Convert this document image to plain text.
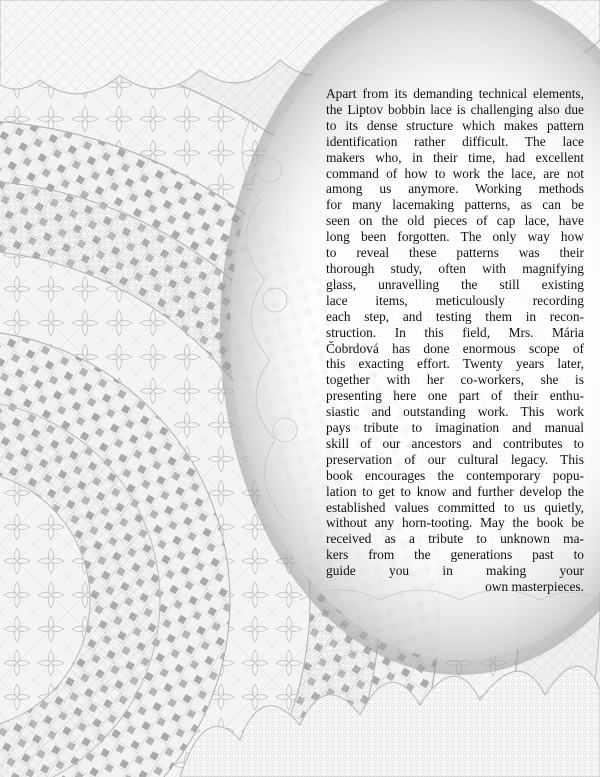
Apart from its demanding technical elements,
the Liptov bobbin lace is challenging also due
to its dense structure which makes pattern
identification rather difficult. The lace
makers who, in their time, had excellent
command of how to work the lace, are not
among us anymore. Working methods
for many lacemaking patterns, as can be
seen on the old pieces of cap lace, have
long been forgotten. The only way how
to reveal these patterns was their
thorough study, often with magnifying
glass, unravelling the still existing
lace items, meticulously recording
each step, and testing them in recon-
struction. In this field, Mrs. Mária
Čobrdová has done enormous scope of
this exacting effort. Twenty years later,
together with her co-workers, she is
presenting here one part of their enthu-
siastic and outstanding work. This work
pays tribute to imagination and manual
skill of our ancestors and contributes to
preservation of our cultural legacy. This
book encourages the contemporary popu-
lation to get to know and further develop the
established values committed to us quietly,
without any horn-tooting. May the book be
received as a tribute to unknown ma-
kers from the generations past to
guide you in making your
own masterpieces.
